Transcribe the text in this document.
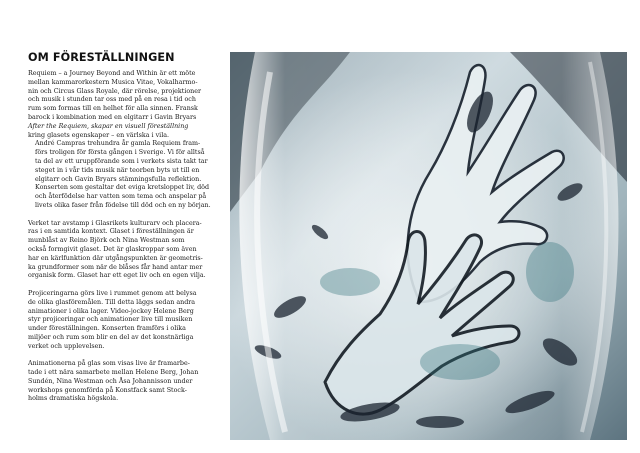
OM FÖRESTÄLLNINGEN

Requiem – a Journey Beyond and Within är ett möte
mellan kammarorkestern Musica Vitae, Vokalharmo-
nin och Circus Glass Royale, där rörelse, projektioner
och musik i stunden tar oss med på en resa i tid och
rum som formas till en helhet för alla sinnen. Fransk
barock i kombination med en elgitarr i Gavin Bryars
After the Requiem, skapar en visuell föreställning
kring glasets egenskaper – en värlska i vila.

André Campras trehundra år gamla Requiem fram-
förs troligen för första gången i Sverige. Vi för alltså
ta del av ett uruppförande som i verkets sista takt tar
steget in i vår tids musik när teorben byts ut till en
elgitarr och Gavin Bryars stämningsfulla reflektion.
Konserten som gestaltar det eviga kretsloppet liv, död
och återfödelse har vatten som tema och anspelar på
livets olika faser från födelse till död och en ny början.

Verket tar avstamp i Glasrikets kulturarv och placera-
ras i en samtida kontext. Glaset i föreställningen är
munblåst av Reino Björk och Nina Westman som
också formgivit glaset. Det är glaskroppar som även
har en kärlfunktion där utgångspunkten är geometris-
ka grundformer som när de blåses får hand antar mer
organisk form. Glaset har ett eget liv och en egen vilja.

Projiceringarna görs live i rummet genom att belysa
de olika glasföremålen. Till detta läggs sedan andra
animationer i olika lager. Video-jockey Helene Berg
styr projiceringar och animationer live till musiken
under föreställningen. Konserten framförs i olika
miljöer och rum som blir en del av det konstnärliga
verket och upplevelsen.

Animationerna på glas som visas live är framarbe-
tade i ett nära samarbete mellan Helene Berg, Johan
Sundén, Nina Westman och Åsa Johannisson under
workshops genomförda på Konstfack samt Stock-
holms dramatiska högskola.
